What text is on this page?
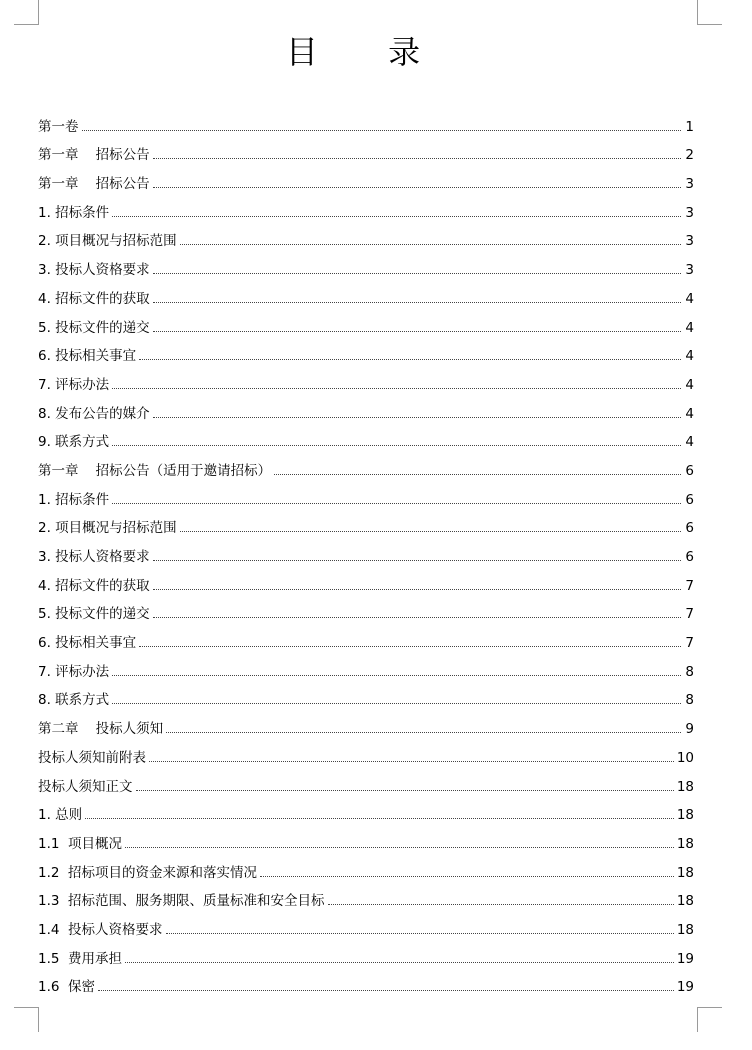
目 录
第一卷	1
第一章    招标公告	2
第一章    招标公告	3
1. 招标条件	3
2. 项目概况与招标范围	3
3. 投标人资格要求	3
4. 招标文件的获取	4
5. 投标文件的递交	4
6. 投标相关事宜	4
7. 评标办法	4
8. 发布公告的媒介	4
9. 联系方式	4
第一章    招标公告（适用于邀请招标）	6
1. 招标条件	6
2. 项目概况与招标范围	6
3. 投标人资格要求	6
4. 招标文件的获取	7
5. 投标文件的递交	7
6. 投标相关事宜	7
7. 评标办法	8
8. 联系方式	8
第二章    投标人须知	9
投标人须知前附表	10
投标人须知正文	18
1. 总则	18
1.1  项目概况	18
1.2  招标项目的资金来源和落实情况	18
1.3  招标范围、服务期限、质量标准和安全目标	18
1.4  投标人资格要求	18
1.5  费用承担	19
1.6  保密	19
